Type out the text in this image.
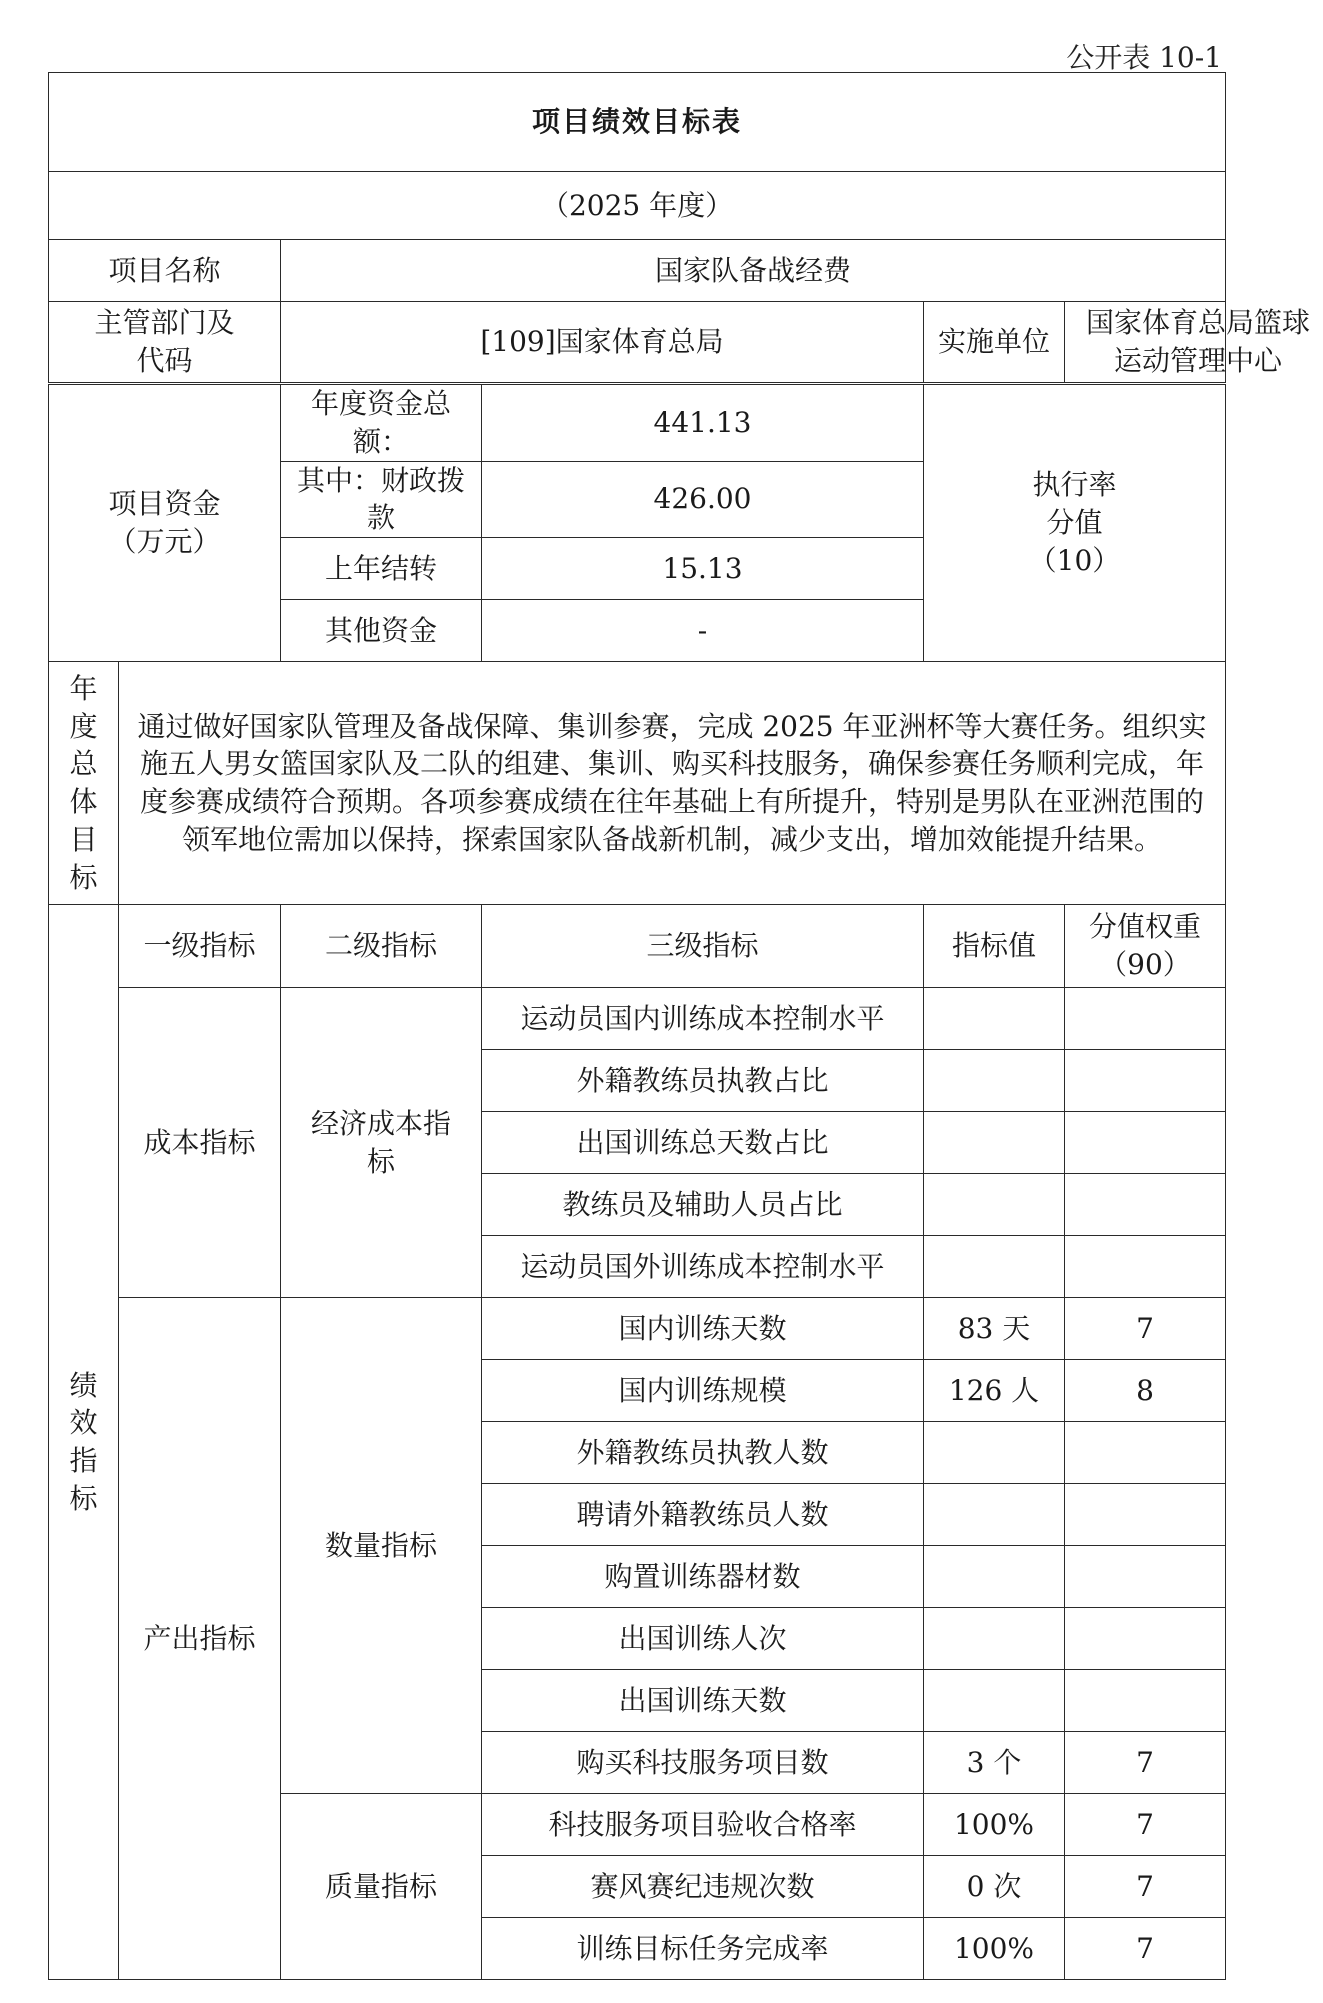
公开表 10-1
项目绩效目标表			
（2025 年度）			
项目名称	国家队备战经费		

主管部门及代码	[109]国家体育总局	实施单位	国家体育总局篮球运动管理中心
项目资金（万元）		年度资金总额：	441.13	执行率分值（10）	

		其中：财政拨款	426.00		
		上年结转	15.13		
		其他资金	-		

年度总体目标	通过做好国家队管理及备战保障、集训参赛，完成 2025 年亚洲杯等大赛任务。组织实施五人男女篮国家队及二队的组建、集训、购买科技服务，确保参赛任务顺利完成，年度参赛成绩符合预期。各项参赛成绩在往年基础上有所提升，特别是男队在亚洲范围的领军地位需加以保持，探索国家队备战新机制，减少支出，增加效能提升结果。				

绩效指标	一级指标	二级指标	三级指标	指标值	分值权重（90）

	成本指标	经济成本指标	运动员国内训练成本控制水平		
			外籍教练员执教占比		
			出国训练总天数占比		
			教练员及辅助人员占比		
			运动员国外训练成本控制水平		
	产出指标	数量指标	国内训练天数	83 天	7
			国内训练规模	126 人	8
			外籍教练员执教人数		
			聘请外籍教练员人数		
			购置训练器材数		
			出国训练人次		
			出国训练天数		
			购买科技服务项目数	3 个	7
		质量指标	科技服务项目验收合格率	100%	7
			赛风赛纪违规次数	0 次	7
			训练目标任务完成率	100%	7
